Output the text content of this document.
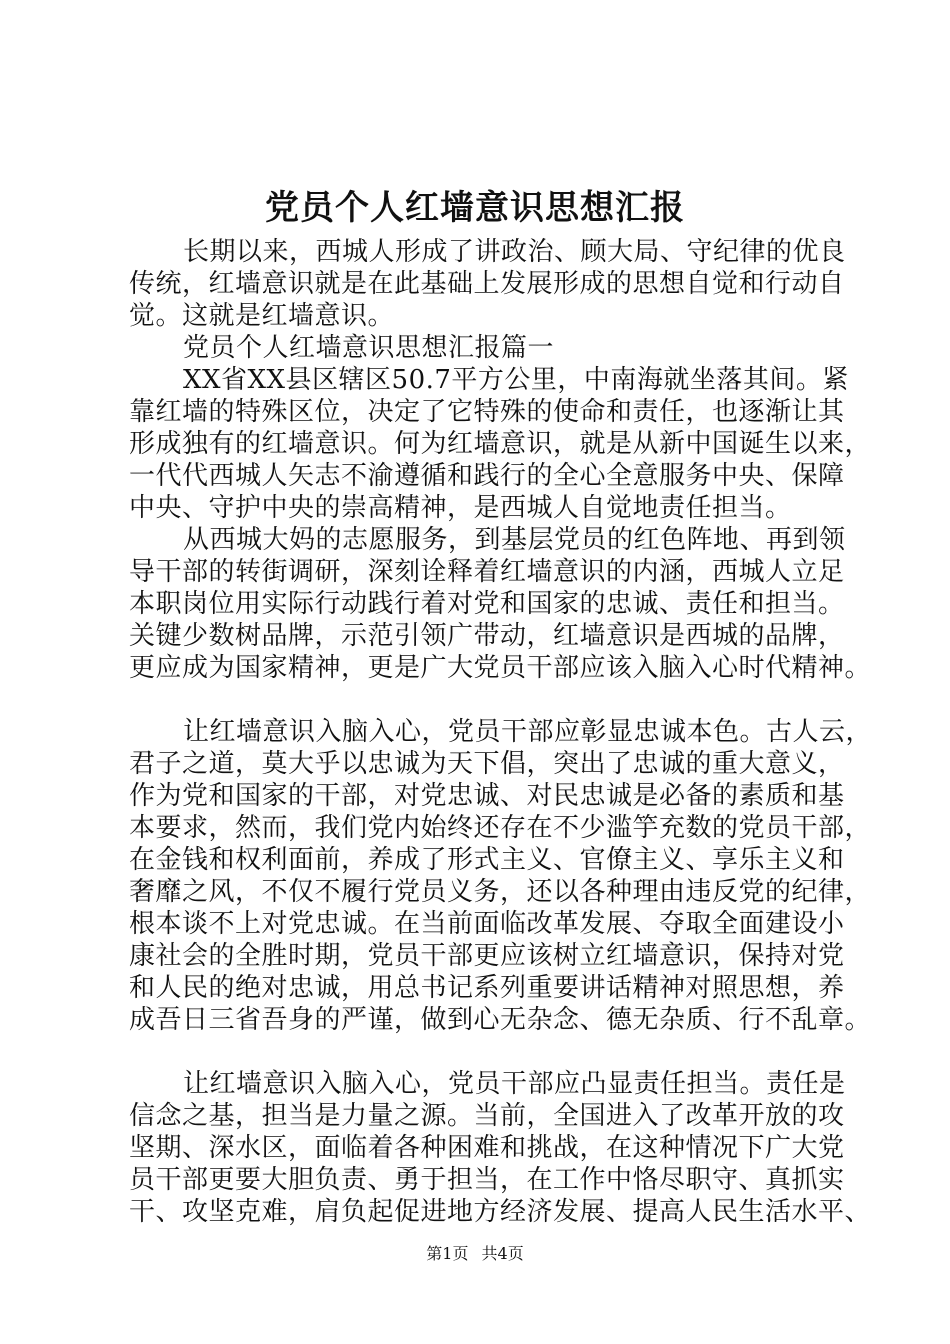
党员个人红墙意识思想汇报
长期以来，西城人形成了讲政治、顾大局、守纪律的优良
传统，红墙意识就是在此基础上发展形成的思想自觉和行动自
觉。这就是红墙意识。
党员个人红墙意识思想汇报篇一
XX省XX县区辖区50.7平方公里，中南海就坐落其间。紧
靠红墙的特殊区位，决定了它特殊的使命和责任，也逐渐让其
形成独有的红墙意识。何为红墙意识，就是从新中国诞生以来，
一代代西城人矢志不渝遵循和践行的全心全意服务中央、保障
中央、守护中央的崇高精神，是西城人自觉地责任担当。
从西城大妈的志愿服务，到基层党员的红色阵地、再到领
导干部的转街调研，深刻诠释着红墙意识的内涵，西城人立足
本职岗位用实际行动践行着对党和国家的忠诚、责任和担当。
关键少数树品牌，示范引领广带动，红墙意识是西城的品牌，
更应成为国家精神，更是广大党员干部应该入脑入心时代精神。
让红墙意识入脑入心，党员干部应彰显忠诚本色。古人云，
君子之道，莫大乎以忠诚为天下倡，突出了忠诚的重大意义，
作为党和国家的干部，对党忠诚、对民忠诚是必备的素质和基
本要求，然而，我们党内始终还存在不少滥竽充数的党员干部，
在金钱和权利面前，养成了形式主义、官僚主义、享乐主义和
奢靡之风，不仅不履行党员义务，还以各种理由违反党的纪律，
根本谈不上对党忠诚。在当前面临改革发展、夺取全面建设小
康社会的全胜时期，党员干部更应该树立红墙意识，保持对党
和人民的绝对忠诚，用总书记系列重要讲话精神对照思想，养
成吾日三省吾身的严谨，做到心无杂念、德无杂质、行不乱章。
让红墙意识入脑入心，党员干部应凸显责任担当。责任是
信念之基，担当是力量之源。当前，全国进入了改革开放的攻
坚期、深水区，面临着各种困难和挑战，在这种情况下广大党
员干部更要大胆负责、勇于担当，在工作中恪尽职守、真抓实
干、攻坚克难，肩负起促进地方经济发展、提高人民生活水平、
第1页 共4页
